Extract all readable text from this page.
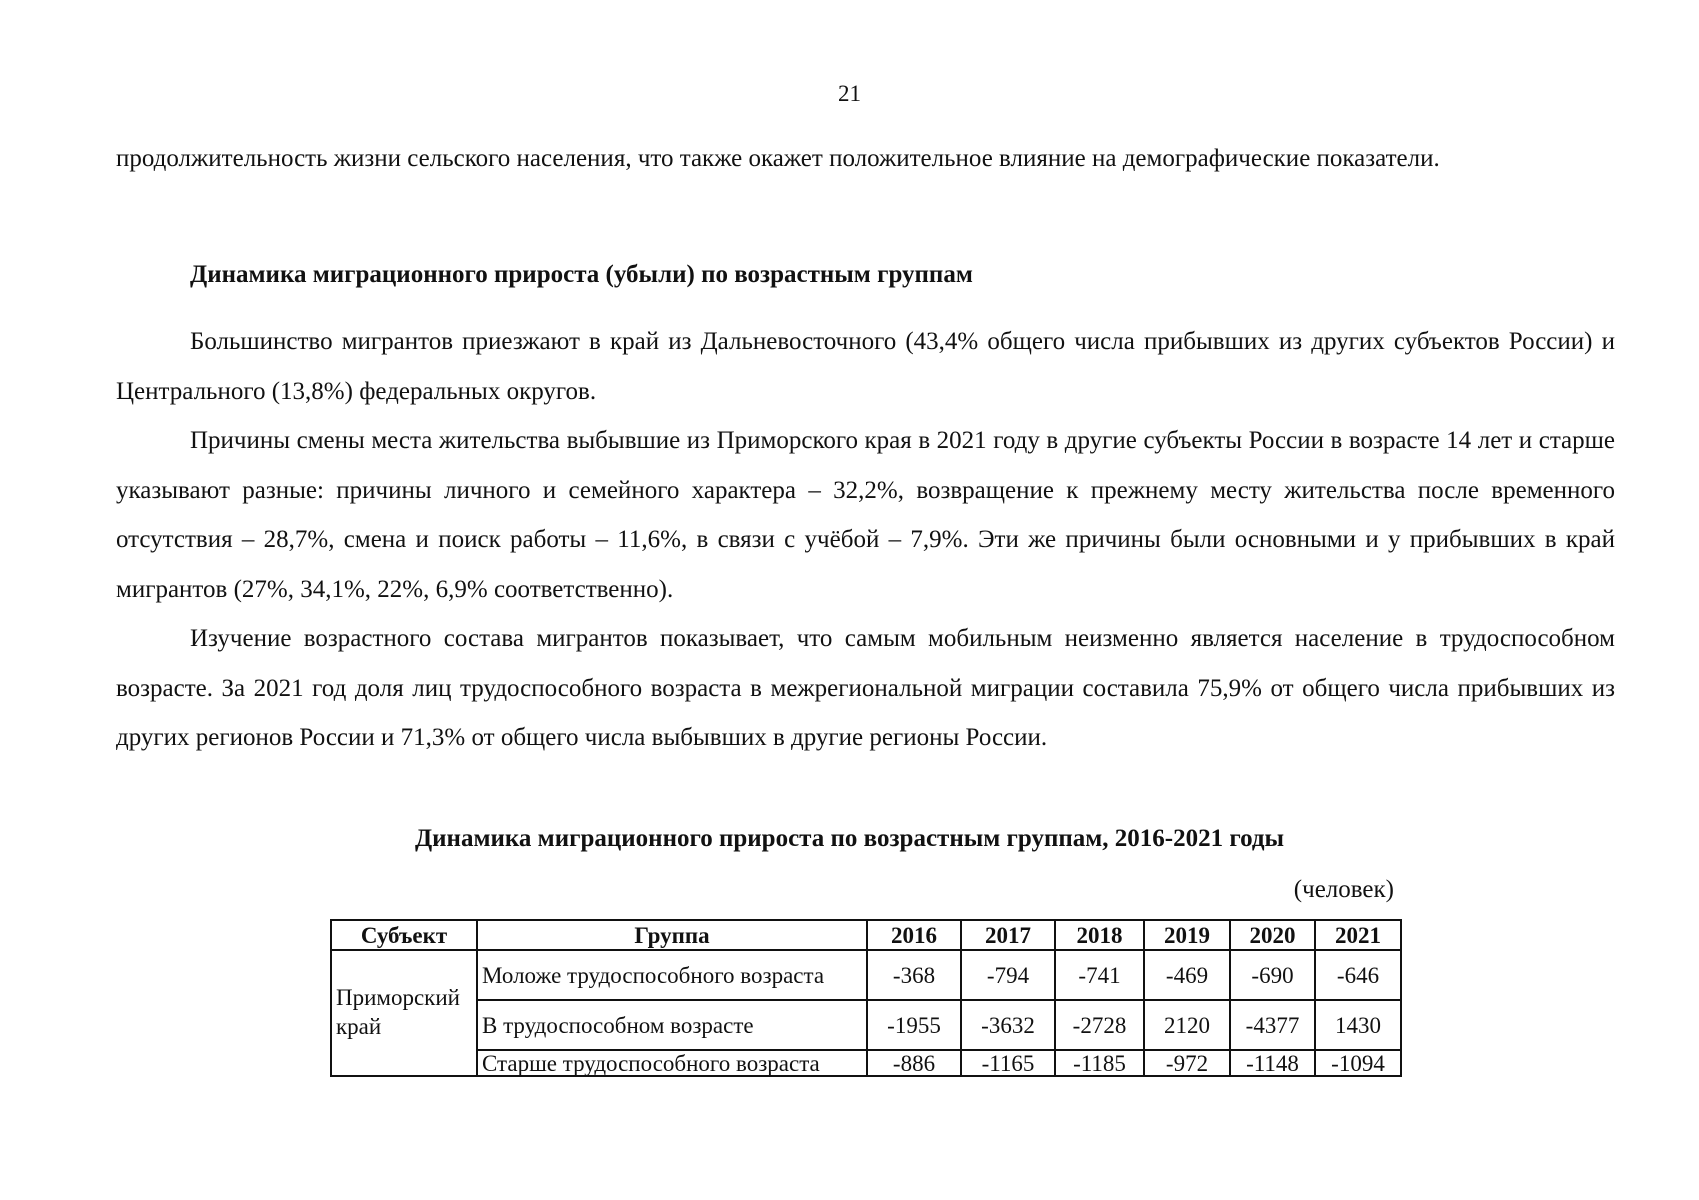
21

продолжительность жизни сельского населения, что также окажет положительное влияние на демографические показатели.

Динамика миграционного прироста (убыли) по возрастным группам

Большинство мигрантов приезжают в край из Дальневосточного (43,4% общего числа прибывших из других субъектов России) и Центрального (13,8%) федеральных округов.

Причины смены места жительства выбывшие из Приморского края в 2021 году в другие субъекты России в возрасте 14 лет и старше указывают разные: причины личного и семейного характера – 32,2%, возвращение к прежнему месту жительства после временного отсутствия – 28,7%, смена и поиск работы – 11,6%, в связи с учёбой – 7,9%. Эти же причины были основными и у прибывших в край мигрантов (27%, 34,1%, 22%, 6,9% соответственно).

Изучение возрастного состава мигрантов показывает, что самым мобильным неизменно является население в трудоспособном возрасте. За 2021 год доля лиц трудоспособного возраста в межрегиональной миграции составила 75,9% от общего числа прибывших из других регионов России и 71,3% от общего числа выбывших в другие регионы России.

Динамика миграционного прироста по возрастным группам, 2016-2021 годы
(человек)
Субъект	Группа	2016	2017	2018	2019	2020	2021
Приморский край	Моложе трудоспособного возраста	-368	-794	-741	-469	-690	-646
	В трудоспособном возрасте	-1955	-3632	-2728	2120	-4377	1430
	Старше трудоспособного возраста	-886	-1165	-1185	-972	-1148	-1094
